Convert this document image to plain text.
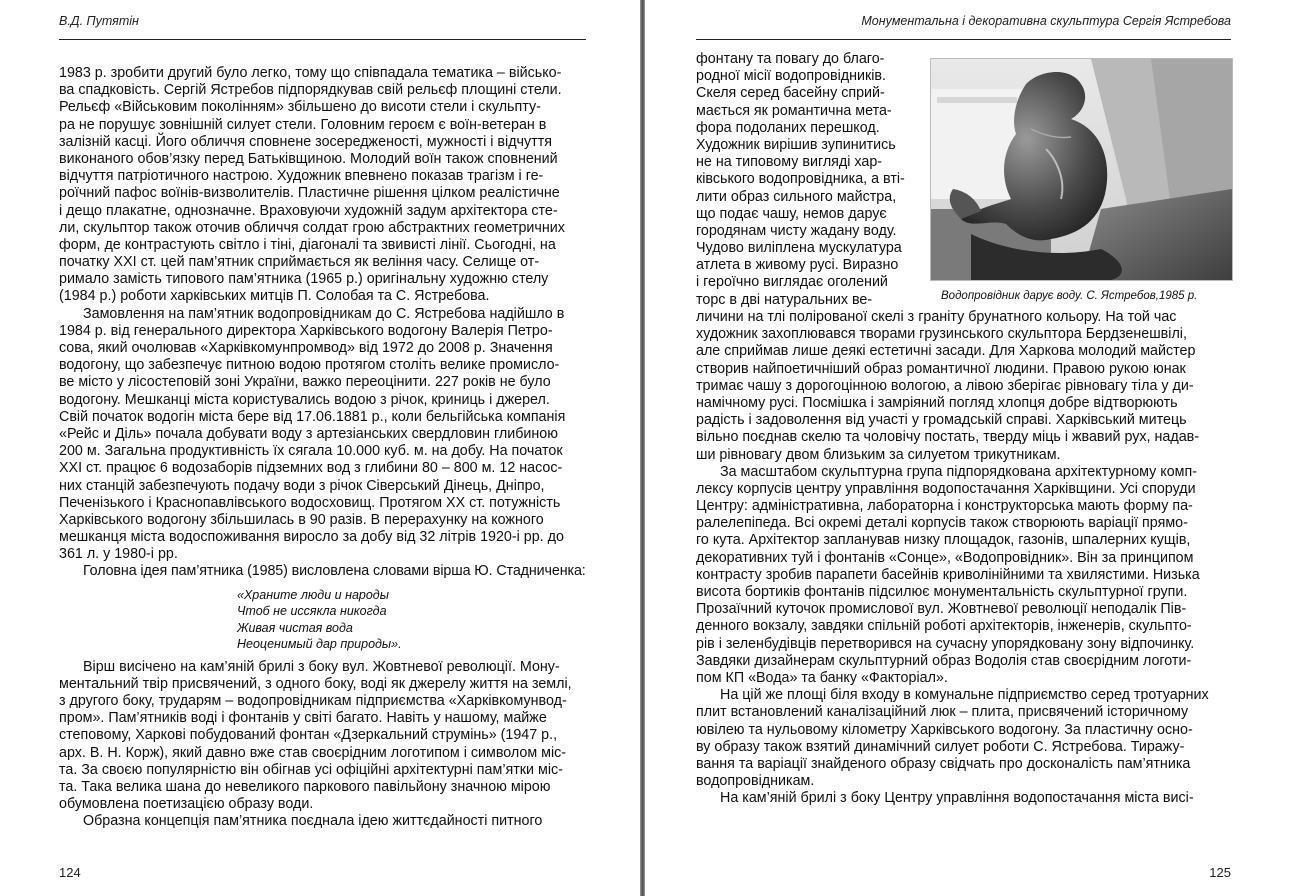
В.Д. Путятін
1983 р. зробити другий було легко, тому що співпадала тематика – військо-
ва спадковість. Сергій Ястребов підпорядкував свій рельєф площині стели.
Рельєф «Військовим поколінням» збільшено до висоти стели і скульпту-
ра не порушує зовнішній силует стели. Головним героєм є воїн-ветеран в
залізній касці. Його обличчя сповнене зосередженості, мужності і відчуття
виконаного обов’язку перед Батьківщиною. Молодий воїн також сповнений
відчуття патріотичного настрою. Художник впевнено показав трагізм і ге-
роїчний пафос воїнів-визволителів. Пластичне рішення цілком реалістичне
і дещо плакатне, однозначне. Враховуючи художній задум архітектора сте-
ли, скульптор також оточив обличчя солдат грою абстрактних геометричних
форм, де контрастують світло і тіні, діагоналі та звивисті лінії. Сьогодні, на
початку XXI ст. цей пам’ятник сприймається як веління часу. Селище от-
римало замість типового пам’ятника (1965 р.) оригінальну художню стелу
(1984 р.) роботи харківських митців П. Солобая та С. Ястребова.
Замовлення на пам’ятник водопровідникам до С. Ястребова надійшло в
1984 р. від генерального директора Харківського водогону Валерія Петро-
сова, який очолював «Харківкомунпромвод» від 1972 до 2008 р. Значення
водогону, що забезпечує питною водою протягом століть велике промисло-
ве місто у лісостеповій зоні України, важко переоцінити. 227 років не було
водогону. Мешканці міста користувались водою з річок, криниць і джерел.
Свій початок водогін міста бере від 17.06.1881 р., коли бельгійська компанія
«Рейс и Діль» почала добувати воду з артезіанських свердловин глибиною
200 м. Загальна продуктивність їх сягала 10.000 куб. м. на добу. На початок
XXI ст. працює 6 водозаборів підземних вод з глибини 80 – 800 м. 12 насос-
них станцій забезпечують подачу води з річок Сіверський Дінець, Дніпро,
Печенізького і Краснопавлівського водосховищ. Протягом XX ст. потужність
Харківського водогону збільшилась в 90 разів. В перерахунку на кожного
мешканця міста водоспоживання виросло за добу від 32 літрів 1920-і рр. до
361 л. у 1980-і рр.
Головна ідея пам’ятника (1985) висловлена словами вірша Ю. Стадниченка:
«Храните люди и народы
Чтоб не иссякла никогда
Живая чистая вода
Неоценимый дар природы».
Вірш висічено на кам’яній брилі з боку вул. Жовтневої революції. Мону-
ментальний твір присвячений, з одного боку, воді як джерелу життя на землі,
з другого боку, трударям – водопровідникам підприємства «Харківкомунвод-
пром». Пам’ятників воді і фонтанів у світі багато. Навіть у нашому, майже
степовому, Харкові побудований фонтан «Дзеркальний струмінь» (1947 р.,
арх. В. Н. Корж), який давно вже став своєрідним логотипом і символом міс-
та. За своєю популярністю він обігнав усі офіційні архітектурні пам’ятки міс-
та. Така велика шана до невеликого паркового павільйону значною мірою
обумовлена поетизацією образу води.
Образна концепція пам’ятника поєднала ідею життєдайності питного
124
Монументальна і декоративна скульптура Сергія Ястребова
Водопровідник дарує воду. С. Ястребов,1985 р.
фонтану та повагу до благо-
родної місії водопровідників.
Скеля серед басейну сприй-
мається як романтична мета-
фора подоланих перешкод.
Художник вирішив зупинитись
не на типовому вигляді хар-
ківського водопровідника, а вті-
лити образ сильного майстра,
що подає чашу, немов дарує
городянам чисту жадану воду.
Чудово виліплена мускулатура
атлета в живому русі. Виразно
і героїчно виглядає оголений
торс в дві натуральних ве-
личини на тлі полірованої скелі з граніту брунатного кольору. На той час
художник захоплювався творами грузинського скульптора Бердзенешвілі,
але сприймав лише деякі естетичні засади. Для Харкова молодий майстер
створив найпоетичніший образ романтичної людини. Правою рукою юнак
тримає чашу з дорогоцінною вологою, а лівою зберігає рівновагу тіла у ди-
намічному русі. Посмішка і замріяний погляд хлопця добре відтворюють
радість і задоволення від участі у громадській справі. Харківський митець
вільно поєднав скелю та чоловічу постать, тверду міць і жвавий рух, надав-
ши рівновагу двом близьким за силуетом трикутникам.
За масштабом скульптурна група підпорядкована архітектурному комп-
лексу корпусів центру управління водопостачання Харківщини. Усі споруди
Центру: адміністративна, лабораторна і конструкторська мають форму па-
ралелепіпеда. Всі окремі деталі корпусів також створюють варіації прямо-
го кута. Архітектор запланував низку площадок, газонів, шпалерних кущів,
декоративних туй і фонтанів «Сонце», «Водопровідник». Він за принципом
контрасту зробив парапети басейнів криволінійними та хвилястими. Низька
висота бортиків фонтанів підсилює монументальність скульптурної групи.
Прозаїчний куточок промислової вул. Жовтневої революції неподалік Пів-
денного вокзалу, завдяки спільній роботі архітекторів, інженерів, скульпто-
рів і зеленбудівців перетворився на сучасну упорядковану зону відпочинку.
Завдяки дизайнерам скульптурний образ Водолія став своєрідним логоти-
пом КП «Вода» та банку «Факторіал».
На цій же площі біля входу в комунальне підприємство серед тротуарних
плит встановлений каналізаційний люк – плита, присвячений історичному
ювілею та нульовому кілометру Харківського водогону. За пластичну осно-
ву образу також взятий динамічний силует роботи С. Ястребова. Тиражу-
вання та варіації знайденого образу свідчать про досконалість пам’ятника
водопровідникам.
На кам’яній брилі з боку Центру управління водопостачання міста висі-
125
